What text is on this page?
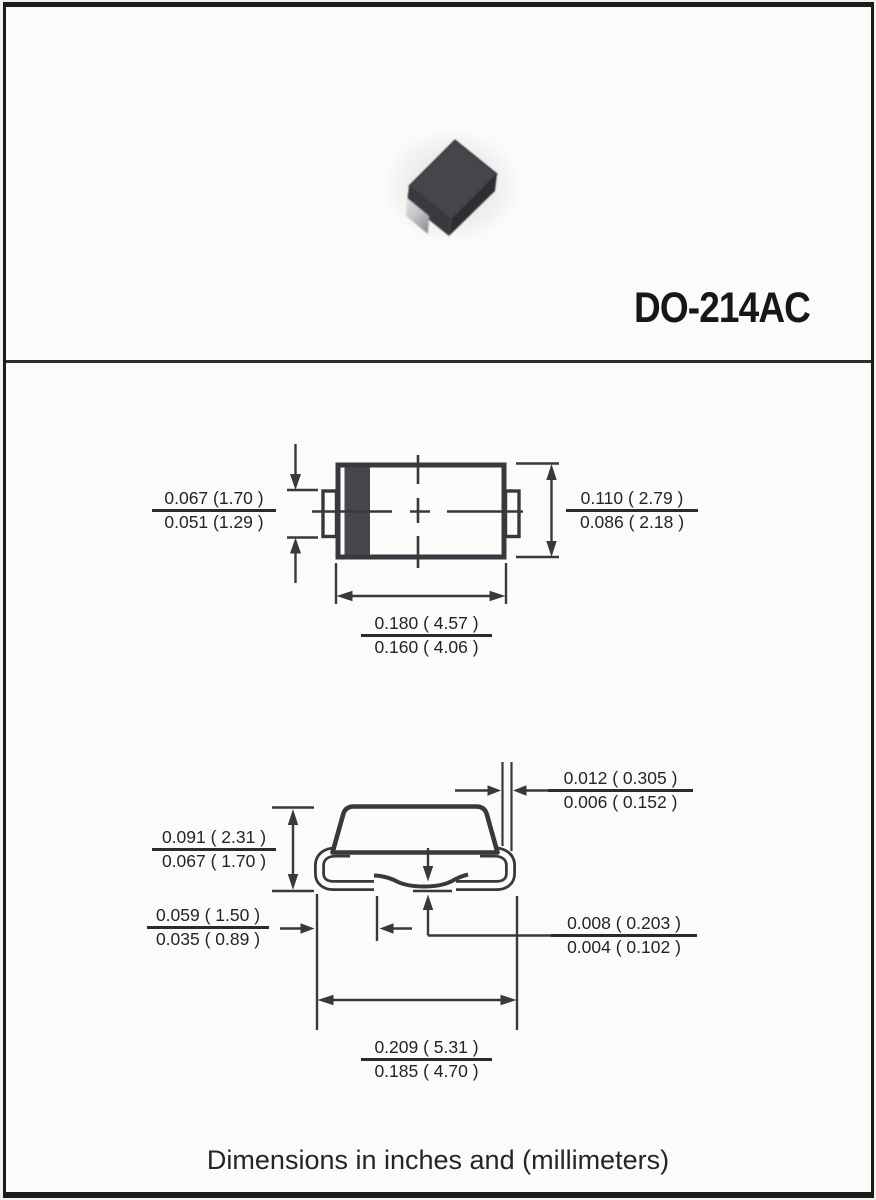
DO-214AC
0.067 (1.70 )
0.051 (1.29 )
0.110 ( 2.79 )
0.086 ( 2.18 )
0.180 ( 4.57 )
0.160 ( 4.06 )
0.012 ( 0.305 )
0.006 ( 0.152 )
0.091 ( 2.31 )
0.067 ( 1.70 )
0.059 ( 1.50 )
0.035 ( 0.89 )
0.008 ( 0.203 )
0.004 ( 0.102 )
0.209 ( 5.31 )
0.185 ( 4.70 )
Dimensions in inches and (millimeters)
